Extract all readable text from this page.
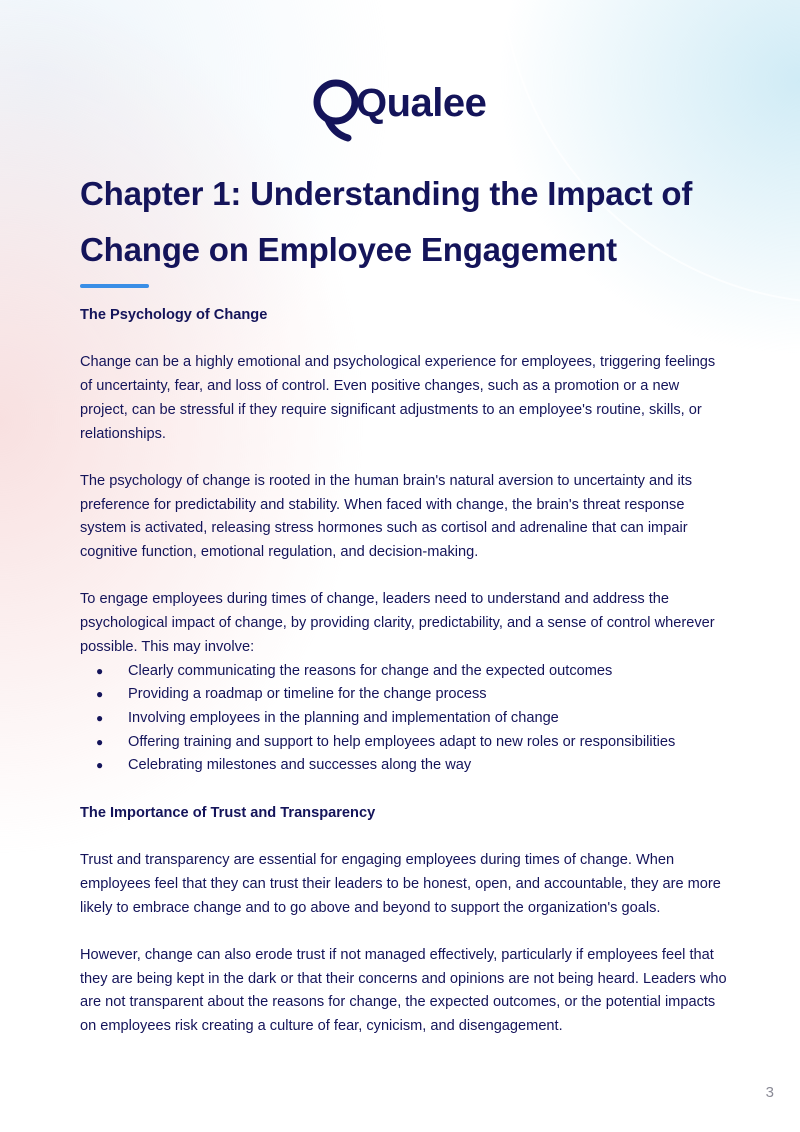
Qualee
Chapter 1: Understanding the Impact of Change on Employee Engagement
The Psychology of Change

Change can be a highly emotional and psychological experience for employees, triggering feelings of uncertainty, fear, and loss of control. Even positive changes, such as a promotion or a new project, can be stressful if they require significant adjustments to an employee's routine, skills, or relationships.

The psychology of change is rooted in the human brain's natural aversion to uncertainty and its preference for predictability and stability. When faced with change, the brain's threat response system is activated, releasing stress hormones such as cortisol and adrenaline that can impair cognitive function, emotional regulation, and decision-making.

To engage employees during times of change, leaders need to understand and address the psychological impact of change, by providing clarity, predictability, and a sense of control wherever possible. This may involve:

● Clearly communicating the reasons for change and the expected outcomes
● Providing a roadmap or timeline for the change process
● Involving employees in the planning and implementation of change
● Offering training and support to help employees adapt to new roles or responsibilities
● Celebrating milestones and successes along the way
The Importance of Trust and Transparency

Trust and transparency are essential for engaging employees during times of change. When employees feel that they can trust their leaders to be honest, open, and accountable, they are more likely to embrace change and to go above and beyond to support the organization's goals.

However, change can also erode trust if not managed effectively, particularly if employees feel that they are being kept in the dark or that their concerns and opinions are not being heard. Leaders who are not transparent about the reasons for change, the expected outcomes, or the potential impacts on employees risk creating a culture of fear, cynicism, and disengagement.

3
